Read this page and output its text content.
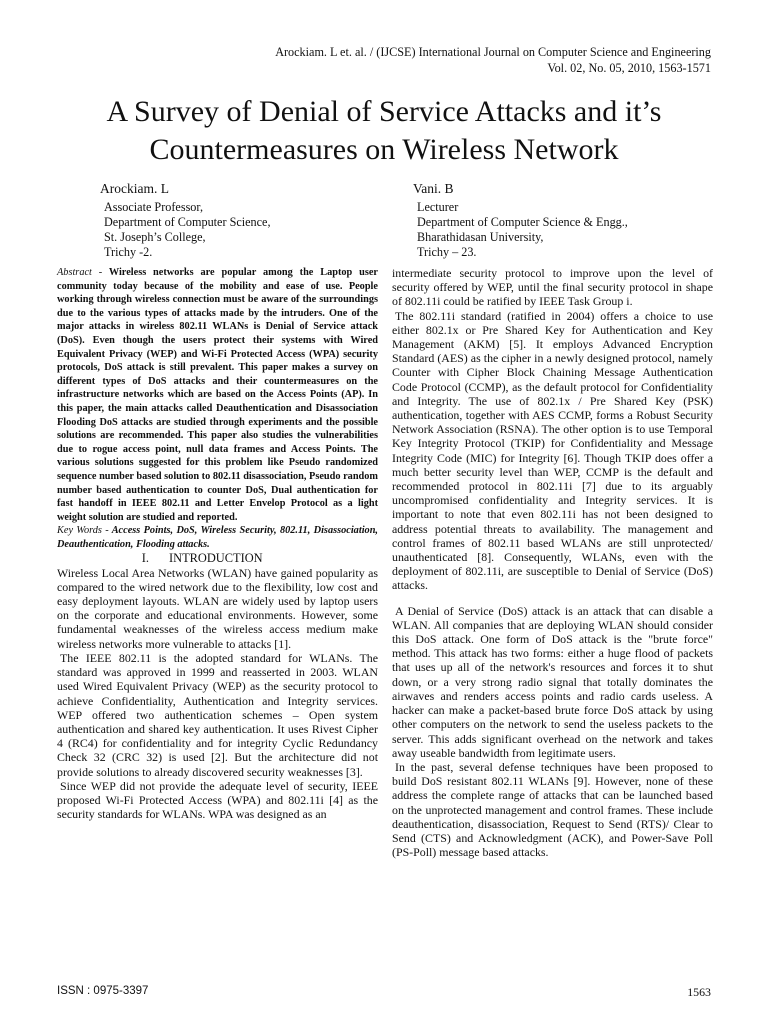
Arockiam. L et. al. / (IJCSE) International Journal on Computer Science and Engineering
Vol. 02, No. 05, 2010, 1563-1571
A Survey of Denial of Service Attacks and it’s
Countermeasures on Wireless Network
Arockiam. L
Associate Professor,
Department of Computer Science,
St. Joseph’s College,
Trichy -2.
Vani. B
Lecturer
Department of Computer Science & Engg.,
Bharathidasan University,
Trichy – 23.

Abstract - Wireless networks are popular among the Laptop user community today because of the mobility and ease of use. People working through wireless connection must be aware of the surroundings due to the various types of attacks made by the intruders. One of the major attacks in wireless 802.11 WLANs is Denial of Service attack (DoS). Even though the users protect their systems with Wired Equivalent Privacy (WEP) and Wi-Fi Protected Access (WPA) security protocols, DoS attack is still prevalent. This paper makes a survey on different types of DoS attacks and their countermeasures on the infrastructure networks which are based on the Access Points (AP). In this paper, the main attacks called Deauthentication and Disassociation Flooding DoS attacks are studied through experiments and the possible solutions are recommended. This paper also studies the vulnerabilities due to rogue access point, null data frames and Access Points. The various solutions suggested for this problem like Pseudo randomized sequence number based solution to 802.11 disassociation, Pseudo random number based authentication to counter DoS, Dual authentication for fast handoff in IEEE 802.11 and Letter Envelop Protocol as a light weight solution are studied and reported.

Key Words - Access Points, DoS, Wireless Security, 802.11, Disassociation, Deauthentication, Flooding attacks.

I. INTRODUCTION

Wireless Local Area Networks (WLAN) have gained popularity as compared to the wired network due to the flexibility, low cost and easy deployment layouts. WLAN are widely used by laptop users on the corporate and educational environments. However, some fundamental weaknesses of the wireless access medium make wireless networks more vulnerable to attacks [1].

The IEEE 802.11 is the adopted standard for WLANs. The standard was approved in 1999 and reasserted in 2003. WLAN used Wired Equivalent Privacy (WEP) as the security protocol to achieve Confidentiality, Authentication and Integrity services. WEP offered two authentication schemes – Open system authentication and shared key authentication. It uses Rivest Cipher 4 (RC4) for confidentiality and for integrity Cyclic Redundancy Check 32 (CRC 32) is used [2]. But the architecture did not provide solutions to already discovered security weaknesses [3].

Since WEP did not provide the adequate level of security, IEEE proposed Wi-Fi Protected Access (WPA) and 802.11i [4] as the security standards for WLANs. WPA was designed as an

intermediate security protocol to improve upon the level of security offered by WEP, until the final security protocol in shape of 802.11i could be ratified by IEEE Task Group i.

The 802.11i standard (ratified in 2004) offers a choice to use either 802.1x or Pre Shared Key for Authentication and Key Management (AKM) [5]. It employs Advanced Encryption Standard (AES) as the cipher in a newly designed protocol, namely Counter with Cipher Block Chaining Message Authentication Code Protocol (CCMP), as the default protocol for Confidentiality and Integrity. The use of 802.1x / Pre Shared Key (PSK) authentication, together with AES CCMP, forms a Robust Security Network Association (RSNA). The other option is to use Temporal Key Integrity Protocol (TKIP) for Confidentiality and Message Integrity Code (MIC) for Integrity [6]. Though TKIP does offer a much better security level than WEP, CCMP is the default and recommended protocol in 802.11i [7] due to its arguably uncompromised confidentiality and Integrity services. It is important to note that even 802.11i has not been designed to address potential threats to availability. The management and control frames of 802.11 based WLANs are still unprotected/ unauthenticated [8]. Consequently, WLANs, even with the deployment of 802.11i, are susceptible to Denial of Service (DoS) attacks.

A Denial of Service (DoS) attack is an attack that can disable a WLAN. All companies that are deploying WLAN should consider this DoS attack. One form of DoS attack is the "brute force" method. This attack has two forms: either a huge flood of packets that uses up all of the network's resources and forces it to shut down, or a very strong radio signal that totally dominates the airwaves and renders access points and radio cards useless. A hacker can make a packet-based brute force DoS attack by using other computers on the network to send the useless packets to the server. This adds significant overhead on the network and takes away useable bandwidth from legitimate users.

In the past, several defense techniques have been proposed to build DoS resistant 802.11 WLANs [9]. However, none of these address the complete range of attacks that can be launched based on the unprotected management and control frames. These include deauthentication, disassociation, Request to Send (RTS)/ Clear to Send (CTS) and Acknowledgment (ACK), and Power-Save Poll (PS-Poll) message based attacks.

ISSN : 0975-3397	1563
